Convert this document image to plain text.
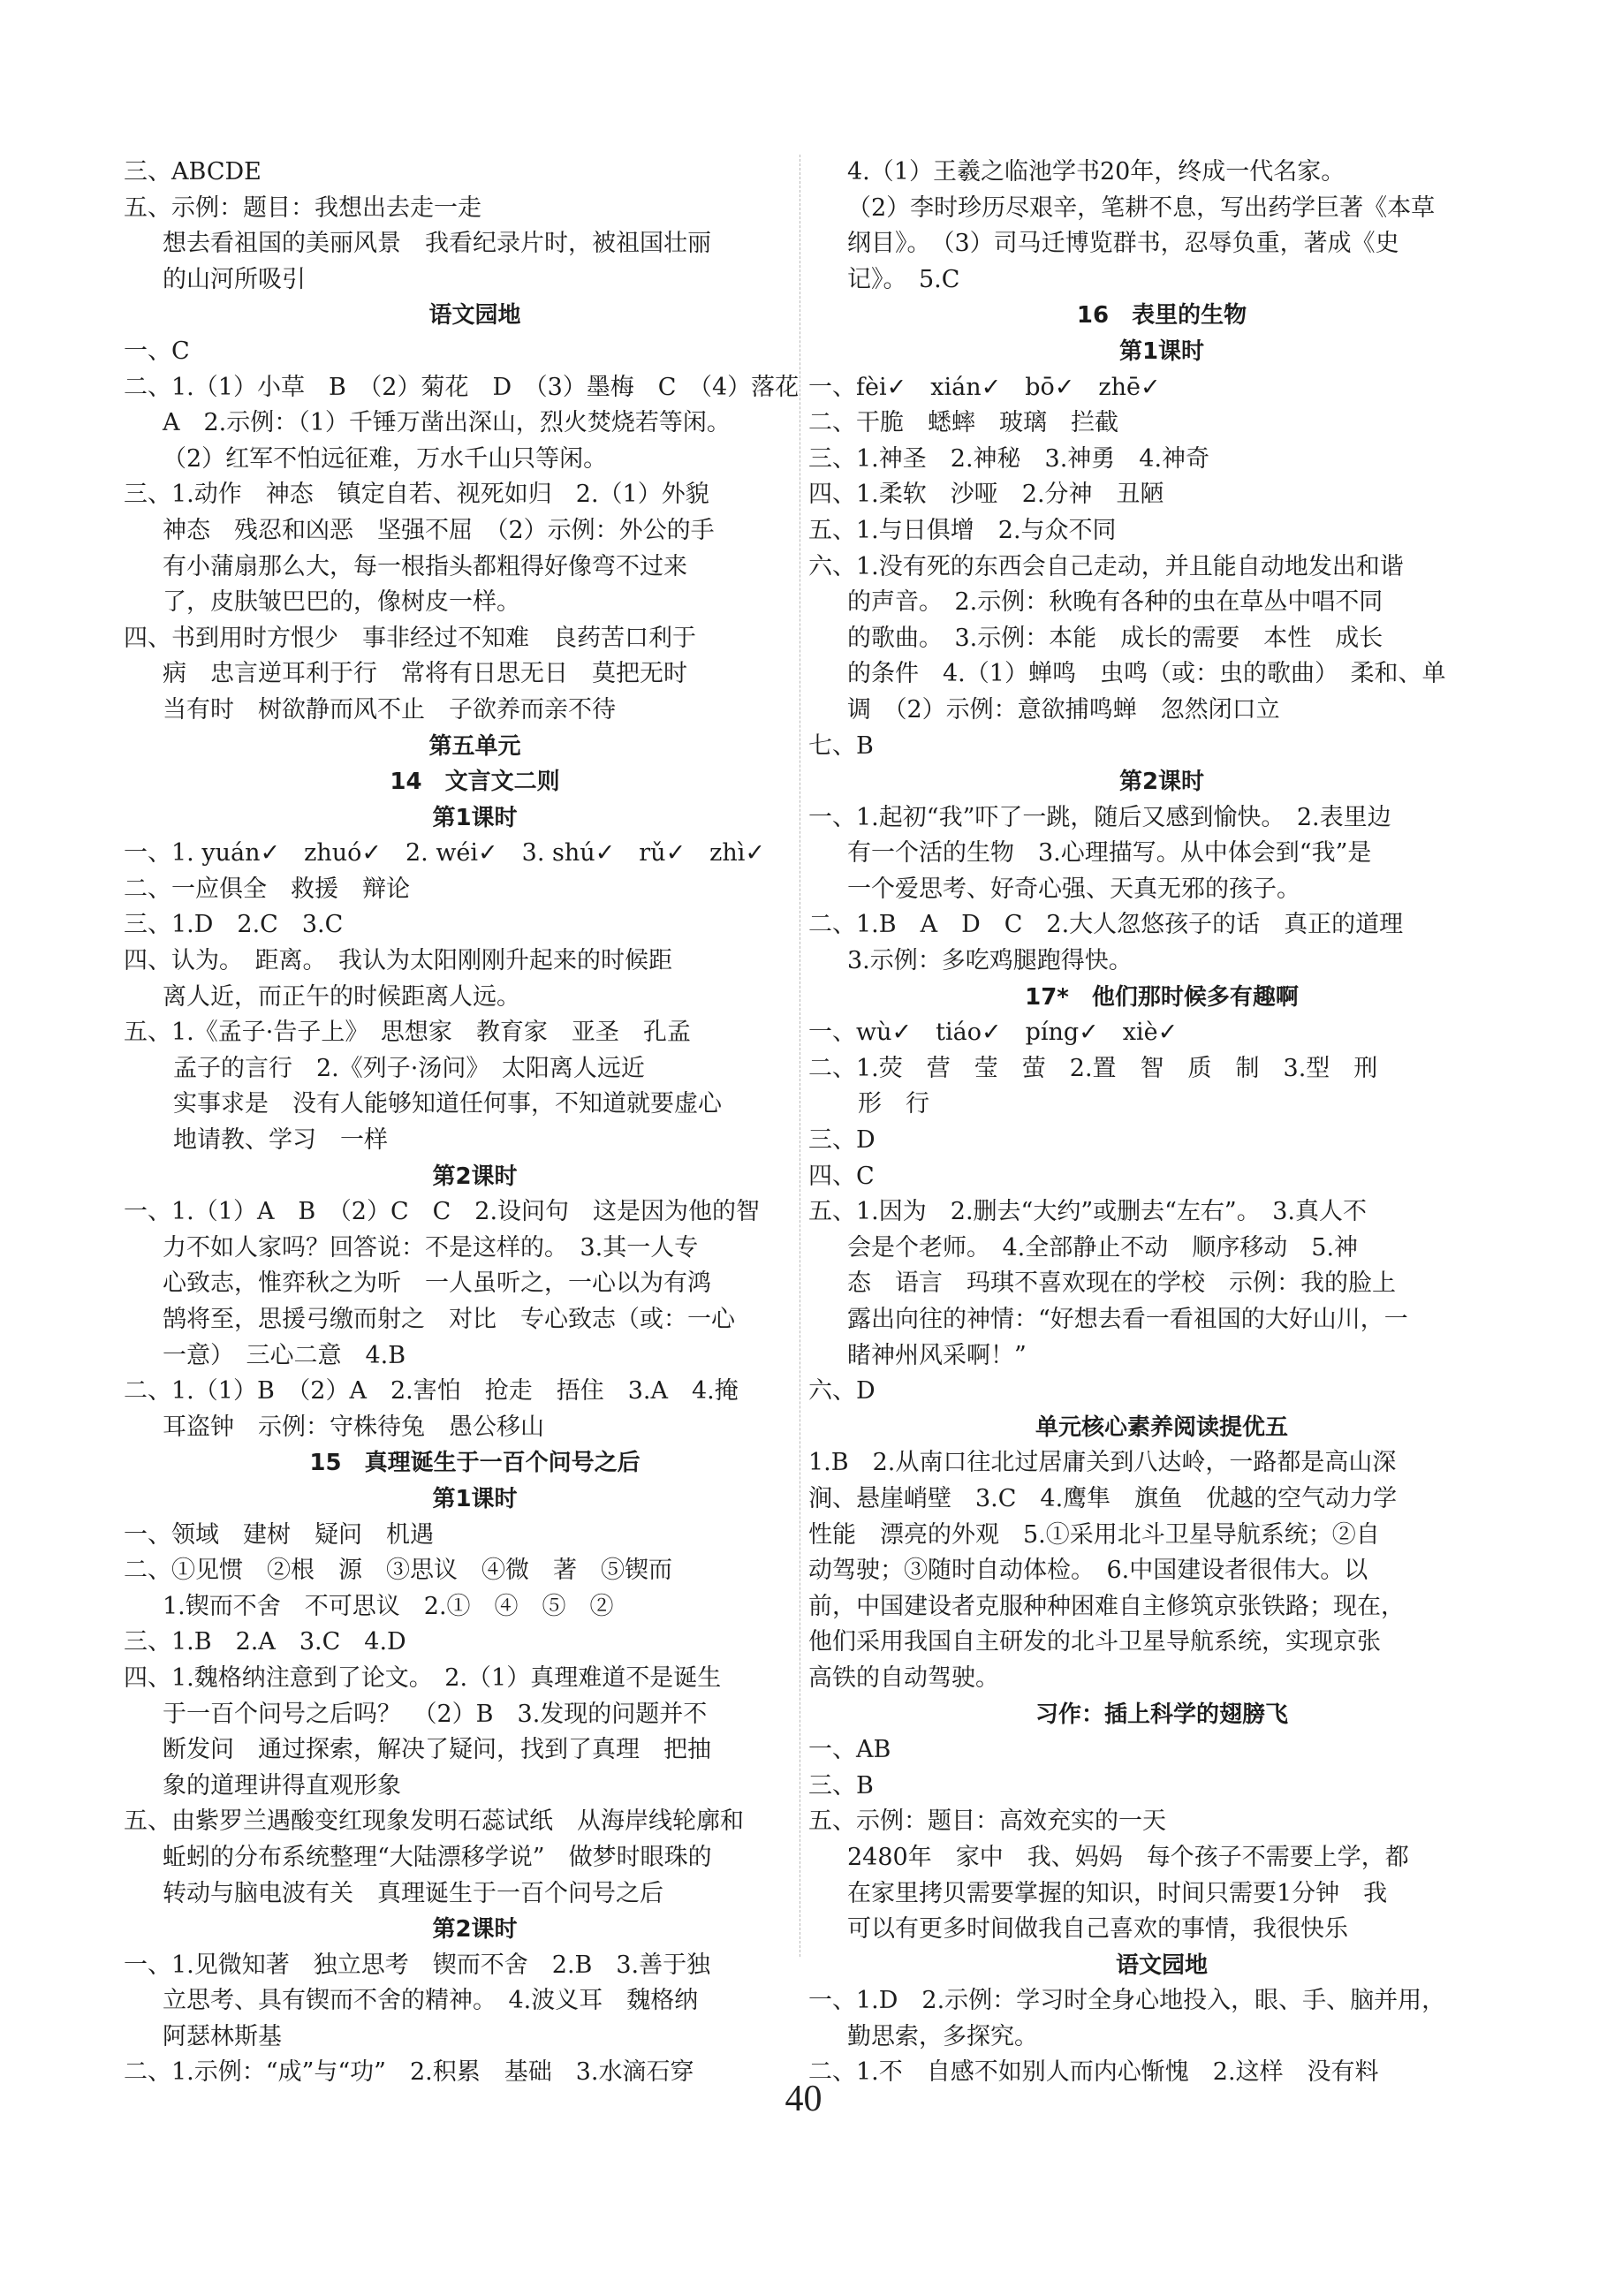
三、ABCDE
五、示例：题目：我想出去走一走
想去看祖国的美丽风景　我看纪录片时，被祖国壮丽
的山河所吸引
语文园地
一、C
二、1.（1）小草　B　（2）菊花　D　（3）墨梅　C　（4）落花
A　2.示例：（1）千锤万凿出深山，烈火焚烧若等闲。
（2）红军不怕远征难，万水千山只等闲。
三、1.动作　神态　镇定自若、视死如归　2.（1）外貌
神态　残忍和凶恶　坚强不屈　（2）示例：外公的手
有小蒲扇那么大，每一根指头都粗得好像弯不过来
了，皮肤皱巴巴的，像树皮一样。
四、书到用时方恨少　事非经过不知难　良药苦口利于
病　忠言逆耳利于行　常将有日思无日　莫把无时
当有时　树欲静而风不止　子欲养而亲不待
第五单元
14　文言文二则
第1课时
一、1. yuán✓　zhuó✓　2. wéi✓　3. shú✓　rǔ✓　zhì✓
二、一应俱全　救援　辩论
三、1.D　2.C　3.C
四、认为。　距离。　我认为太阳刚刚升起来的时候距
离人近，而正午的时候距离人远。
五、1.《孟子·告子上》　思想家　教育家　亚圣　孔孟
孟子的言行　2.《列子·汤问》　太阳离人远近
实事求是　没有人能够知道任何事，不知道就要虚心
地请教、学习　一样
第2课时
一、1.（1）A　B　（2）C　C　2.设问句　这是因为他的智
力不如人家吗？回答说：不是这样的。　3.其一人专
心致志，惟弈秋之为听　一人虽听之，一心以为有鸿
鹄将至，思援弓缴而射之　对比　专心致志（或：一心
一意）　三心二意　4.B
二、1.（1）B　（2）A　2.害怕　抢走　捂住　3.A　4.掩
耳盗钟　示例：守株待兔　愚公移山
15　真理诞生于一百个问号之后
第1课时
一、领域　建树　疑问　机遇
二、①见惯　②根　源　③思议　④微　著　⑤锲而
1.锲而不舍　不可思议　2.①　④　⑤　②
三、1.B　2.A　3.C　4.D
四、1.魏格纳注意到了论文。　2.（1）真理难道不是诞生
于一百个问号之后吗？　（2）B　3.发现的问题并不
断发问　通过探索，解决了疑问，找到了真理　把抽
象的道理讲得直观形象
五、由紫罗兰遇酸变红现象发明石蕊试纸　从海岸线轮廓和
蚯蚓的分布系统整理“大陆漂移学说”　做梦时眼珠的
转动与脑电波有关　真理诞生于一百个问号之后
第2课时
一、1.见微知著　独立思考　锲而不舍　2.B　3.善于独
立思考、具有锲而不舍的精神。　4.波义耳　魏格纳
阿瑟林斯基
二、1.示例：“成”与“功”　2.积累　基础　3.水滴石穿
4.（1）王羲之临池学书20年，终成一代名家。
（2）李时珍历尽艰辛，笔耕不息，写出药学巨著《本草
纲目》。　（3）司马迁博览群书，忍辱负重，著成《史
记》。　5.C
16　表里的生物
第1课时
一、fèi✓　xián✓　bō✓　zhē✓
二、干脆　蟋蟀　玻璃　拦截
三、1.神圣　2.神秘　3.神勇　4.神奇
四、1.柔软　沙哑　2.分神　丑陋
五、1.与日俱增　2.与众不同
六、1.没有死的东西会自己走动，并且能自动地发出和谐
的声音。　2.示例：秋晚有各种的虫在草丛中唱不同
的歌曲。　3.示例：本能　成长的需要　本性　成长
的条件　4.（1）蝉鸣　虫鸣（或：虫的歌曲）　柔和、单
调　（2）示例：意欲捕鸣蝉　忽然闭口立
七、B
第2课时
一、1.起初“我”吓了一跳，随后又感到愉快。　2.表里边
有一个活的生物　3.心理描写。从中体会到“我”是
一个爱思考、好奇心强、天真无邪的孩子。
二、1.B　A　D　C　2.大人忽悠孩子的话　真正的道理
3.示例：多吃鸡腿跑得快。
17*　他们那时候多有趣啊
一、wù✓　tiáo✓　píng✓　xiè✓
二、1.荧　营　莹　萤　2.置　智　质　制　3.型　刑
形　行
三、D
四、C
五、1.因为　2.删去“大约”或删去“左右”。　3.真人不
会是个老师。　4.全部静止不动　顺序移动　5.神
态　语言　玛琪不喜欢现在的学校　示例：我的脸上
露出向往的神情：“好想去看一看祖国的大好山川，一
睹神州风采啊！”
六、D
单元核心素养阅读提优五
1.B　2.从南口往北过居庸关到八达岭，一路都是高山深
涧、悬崖峭壁　3.C　4.鹰隼　旗鱼　优越的空气动力学
性能　漂亮的外观　5.①采用北斗卫星导航系统；②自
动驾驶；③随时自动体检。　6.中国建设者很伟大。以
前，中国建设者克服种种困难自主修筑京张铁路；现在，
他们采用我国自主研发的北斗卫星导航系统，实现京张
高铁的自动驾驶。
习作：插上科学的翅膀飞
一、AB
三、B
五、示例：题目：高效充实的一天
2480年　家中　我、妈妈　每个孩子不需要上学，都
在家里拷贝需要掌握的知识，时间只需要1分钟　我
可以有更多时间做我自己喜欢的事情，我很快乐
语文园地
一、1.D　2.示例：学习时全身心地投入，眼、手、脑并用，
勤思索，多探究。
二、1.不　自感不如别人而内心惭愧　2.这样　没有料
40
